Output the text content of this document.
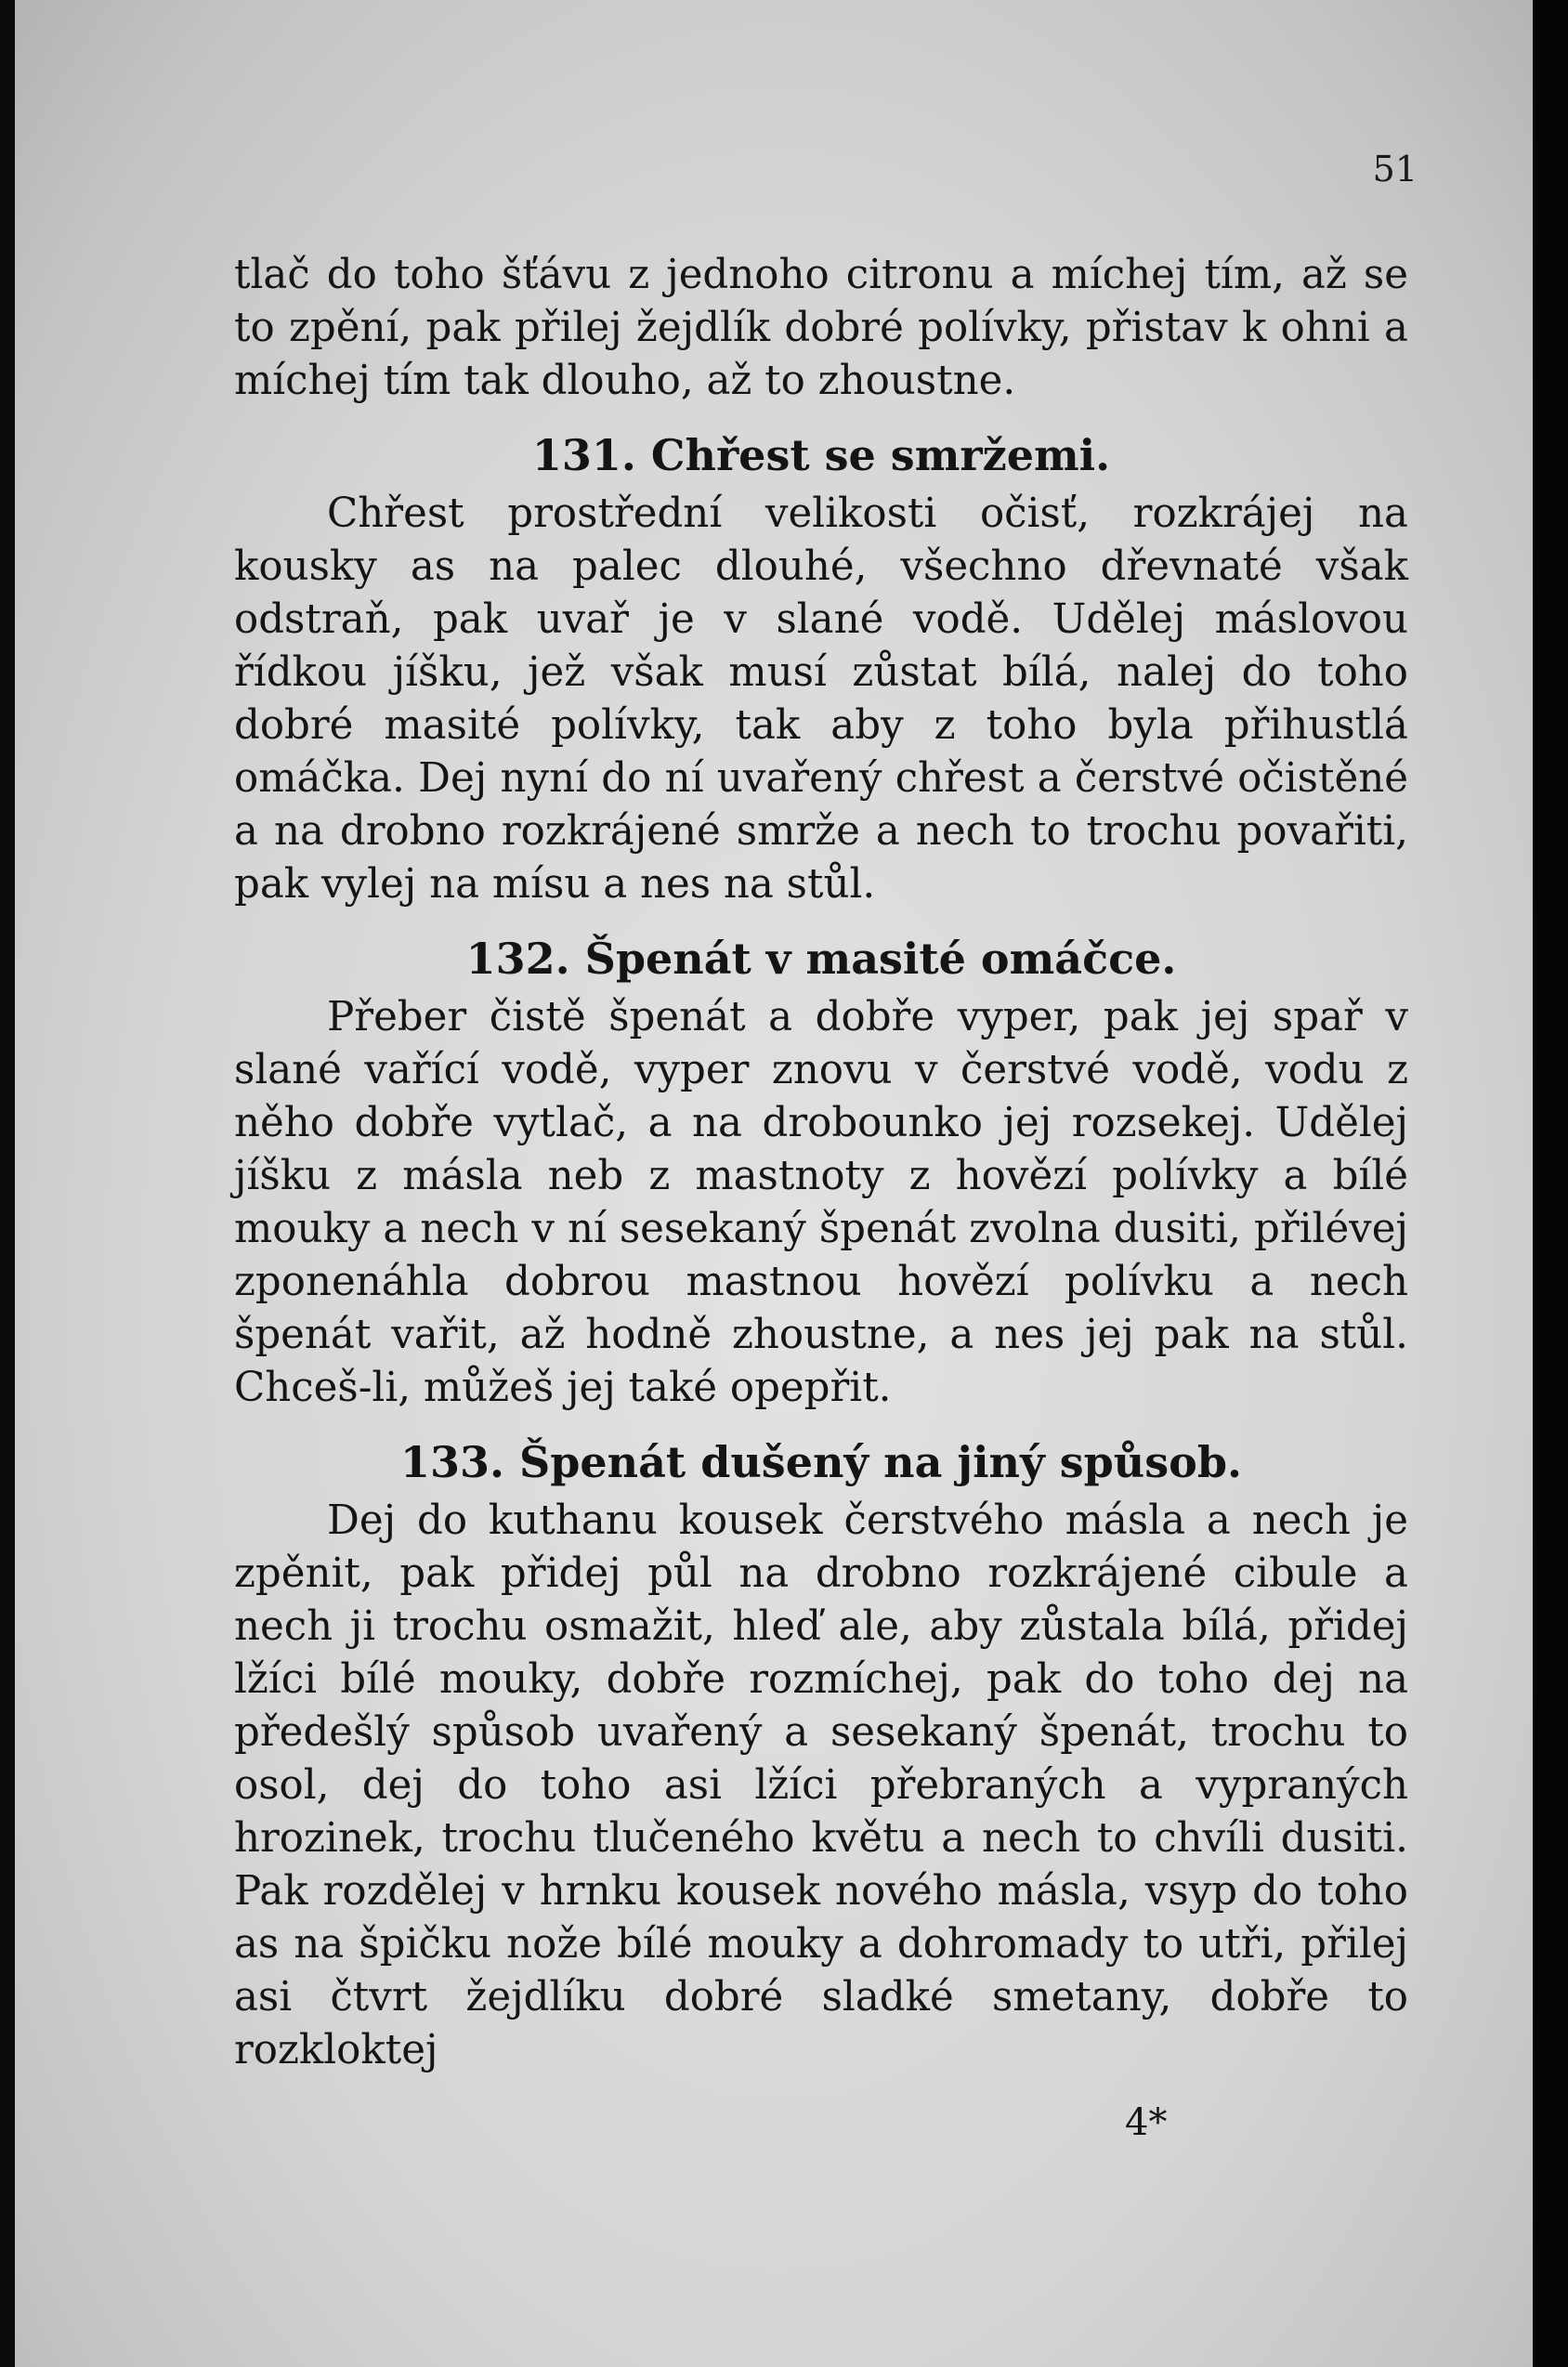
51

tlač do toho šťávu z jednoho citronu a míchej tím, až se to zpění, pak přilej žejdlík dobré polívky, přistav k ohni a míchej tím tak dlouho, až to zhoustne.

131. Chřest se smržemi.

Chřest prostřední velikosti očisť, rozkrájej na kousky as na palec dlouhé, všechno dřevnaté však odstraň, pak uvař je v slané vodě. Udělej máslovou řídkou jíšku, jež však musí zůstat bílá, nalej do toho dobré masité polívky, tak aby z toho byla přihustlá omáčka. Dej nyní do ní uvařený chřest a čerstvé očistěné a na drobno rozkrájené smrže a nech to trochu povařiti, pak vylej na mísu a nes na stůl.

132. Špenát v masité omáčce.

Přeber čistě špenát a dobře vyper, pak jej spař v slané vařící vodě, vyper znovu v čerstvé vodě, vodu z něho dobře vytlač, a na drobounko jej rozsekej. Udělej jíšku z másla neb z mastnoty z hovězí polívky a bílé mouky a nech v ní sesekaný špenát zvolna dusiti, přilévej zponenáhla dobrou mastnou hovězí polívku a nech špenát vařit, až hodně zhoustne, a nes jej pak na stůl. Chceš-li, můžeš jej také opepřit.

133. Špenát dušený na jiný spůsob.

Dej do kuthanu kousek čerstvého másla a nech je zpěnit, pak přidej půl na drobno rozkrájené cibule a nech ji trochu osmažit, hleď ale, aby zůstala bílá, přidej lžíci bílé mouky, dobře rozmíchej, pak do toho dej na předešlý spůsob uvařený a sesekaný špenát, trochu to osol, dej do toho asi lžíci přebraných a vypraných hrozinek, trochu tlučeného květu a nech to chvíli dusiti. Pak rozdělej v hrnku kousek nového másla, vsyp do toho as na špičku nože bílé mouky a dohromady to utři, přilej asi čtvrt žejdlíku dobré sladké smetany, dobře to rozkloktej

4*
